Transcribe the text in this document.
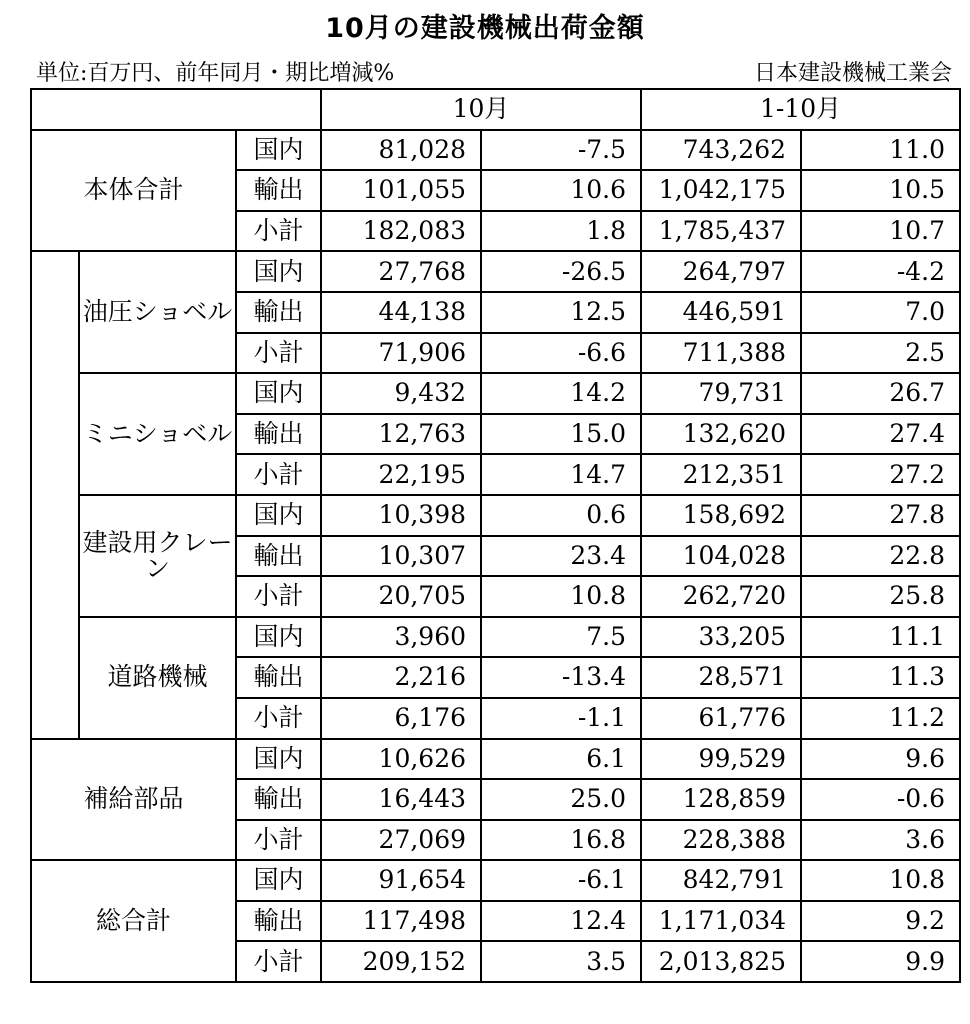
10月の建設機械出荷金額
単位:百万円、前年同月・期比増減%	日本建設機械工業会
			10月		1-10月	
本体合計		国内	81,028	-7.5	743,262	11.0
		輸出	101,055	10.6	1,042,175	10.5
		小計	182,083	1.8	1,785,437	10.7
	油圧ショベル	国内	27,768	-26.5	264,797	-4.2
		輸出	44,138	12.5	446,591	7.0
		小計	71,906	-6.6	711,388	2.5
	ミニショベル	国内	9,432	14.2	79,731	26.7
		輸出	12,763	15.0	132,620	27.4
		小計	22,195	14.7	212,351	27.2
	建設用クレーン	国内	10,398	0.6	158,692	27.8
		輸出	10,307	23.4	104,028	22.8
		小計	20,705	10.8	262,720	25.8
	道路機械	国内	3,960	7.5	33,205	11.1
		輸出	2,216	-13.4	28,571	11.3
		小計	6,176	-1.1	61,776	11.2
補給部品		国内	10,626	6.1	99,529	9.6
		輸出	16,443	25.0	128,859	-0.6
		小計	27,069	16.8	228,388	3.6
総合計		国内	91,654	-6.1	842,791	10.8
		輸出	117,498	12.4	1,171,034	9.2
		小計	209,152	3.5	2,013,825	9.9
